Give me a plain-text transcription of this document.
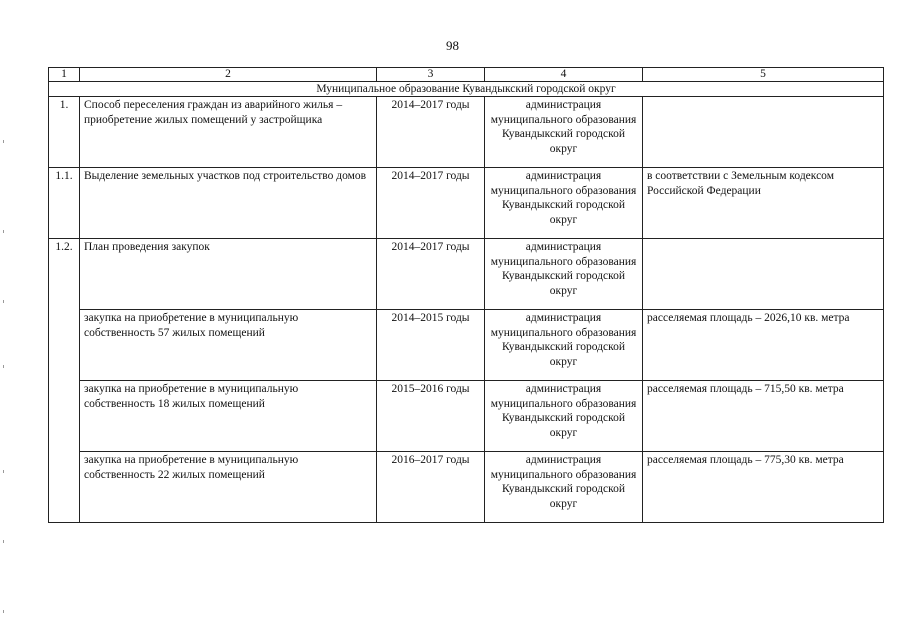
98
1	2	3	4	5
Муниципальное образование Кувандыкский городской округ				
1.	Способ переселения граждан из аварийного жилья – приобретение жилых помещений у застройщика	2014–2017 годы	администрация муниципального образования Кувандыкский городской округ	
1.1.	Выделение земельных участков под строительство домов	2014–2017 годы	администрация муниципального образования Кувандыкский городской округ	в соответствии с Земельным кодексом Российской Федерации
1.2.	План проведения закупок	2014–2017 годы	администрация муниципального образования Кувандыкский городской округ	
	закупка на приобретение в муниципальную собственность 57 жилых помещений	2014–2015 годы	администрация муниципального образования Кувандыкский городской округ	расселяемая площадь – 2026,10 кв. метра
	закупка на приобретение в муниципальную собственность 18 жилых помещений	2015–2016 годы	администрация муниципального образования Кувандыкский городской округ	расселяемая площадь – 715,50 кв. метра
	закупка на приобретение в муниципальную собственность 22 жилых помещений	2016–2017 годы	администрация муниципального образования Кувандыкский городской округ	расселяемая площадь – 775,30 кв. метра
